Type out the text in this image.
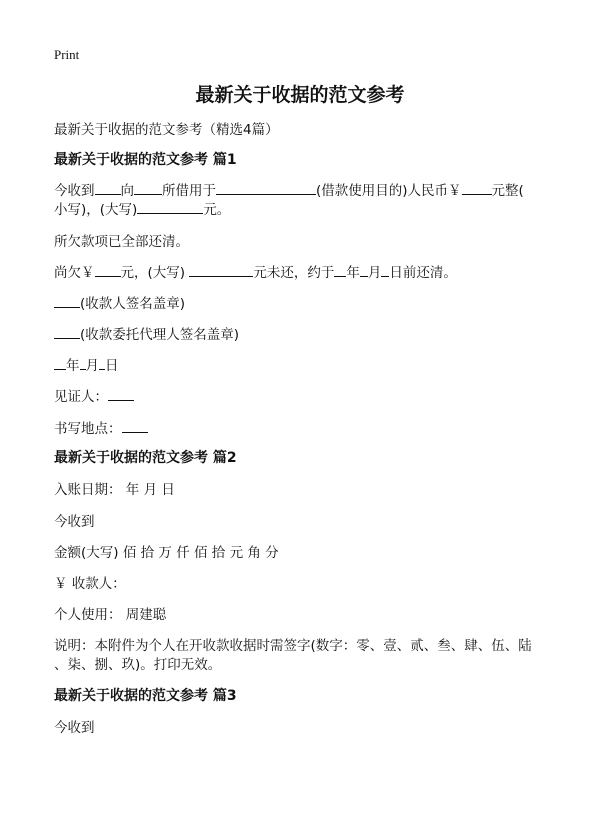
Print
最新关于收据的范文参考
最新关于收据的范文参考（精选4篇）
最新关于收据的范文参考 篇1
今收到 向 所借用于	(借款使用目的)人民币￥ 元整(
小写)，(大写)	元。
所欠款项已全部还清。
尚欠￥ 元，(大写)	元未还，约于 年 月 日前还清。
(收款人签名盖章)
(收款委托代理人签名盖章)
年 月 日
见证人：
书写地点：
最新关于收据的范文参考 篇2
入账日期： 年 月 日
今收到
金额(大写) 佰 拾 万 仟 佰 拾 元 角 分
￥ 收款人：
个人使用： 周建聪
说明：本附件为个人在开收款收据时需签字(数字：零、壹、贰、叁、肆、伍、陆
、柒、捌、玖)。打印无效。
最新关于收据的范文参考 篇3
今收到
